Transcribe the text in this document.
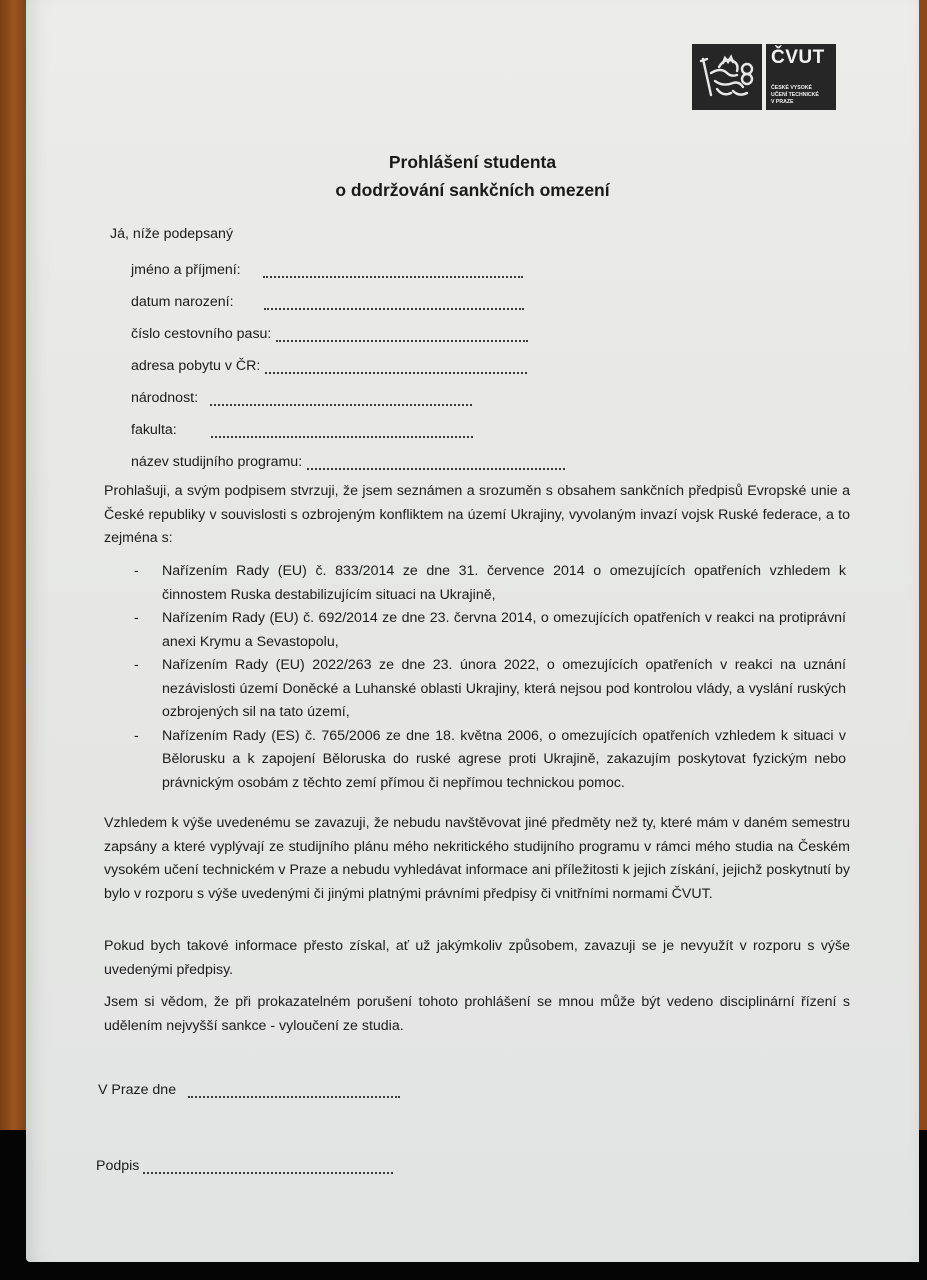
ČVUT
ČESKÉ VYSOKÉ
UČENÍ TECHNICKÉ
V PRAZE
Prohlášení studenta
o dodržování sankčních omezení
Já, níže podepsaný
jméno a příjmení:
datum narození:
číslo cestovního pasu:
adresa pobytu v ČR:
národnost:
fakulta:
název studijního programu:
Prohlašuji, a svým podpisem stvrzuji, že jsem seznámen a srozuměn s obsahem sankčních předpisů Evropské unie a České republiky v souvislosti s ozbrojeným konfliktem na území Ukrajiny, vyvolaným invazí vojsk Ruské federace, a to zejména s:
- Nařízením Rady (EU) č. 833/2014 ze dne 31. července 2014 o omezujících opatřeních vzhledem k činnostem Ruska destabilizujícím situaci na Ukrajině,
- Nařízením Rady (EU) č. 692/2014 ze dne 23. června 2014, o omezujících opatřeních v reakci na protiprávní anexi Krymu a Sevastopolu,
- Nařízením Rady (EU) 2022/263 ze dne 23. února 2022, o omezujících opatřeních v reakci na uznání nezávislosti území Doněcké a Luhanské oblasti Ukrajiny, která nejsou pod kontrolou vlády, a vyslání ruských ozbrojených sil na tato území,
- Nařízením Rady (ES) č. 765/2006 ze dne 18. května 2006, o omezujících opatřeních vzhledem k situaci v Bělorusku a k zapojení Běloruska do ruské agrese proti Ukrajině, zakazujím poskytovat fyzickým nebo právnickým osobám z těchto zemí přímou či nepřímou technickou pomoc.
Vzhledem k výše uvedenému se zavazuji, že nebudu navštěvovat jiné předměty než ty, které mám v daném semestru zapsány a které vyplývají ze studijního plánu mého nekritického studijního programu v rámci mého studia na Českém vysokém učení technickém v Praze a nebudu vyhledávat informace ani příležitosti k jejich získání, jejichž poskytnutí by bylo v rozporu s výše uvedenými či jinými platnými právními předpisy či vnitřními normami ČVUT.
Pokud bych takové informace přesto získal, ať už jakýmkoliv způsobem, zavazuji se je nevyužít v rozporu s výše uvedenými předpisy.
Jsem si vědom, že při prokazatelném porušení tohoto prohlášení se mnou může být vedeno disciplinární řízení s udělením nejvyšší sankce - vyloučení ze studia.
V Praze dne
Podpis
